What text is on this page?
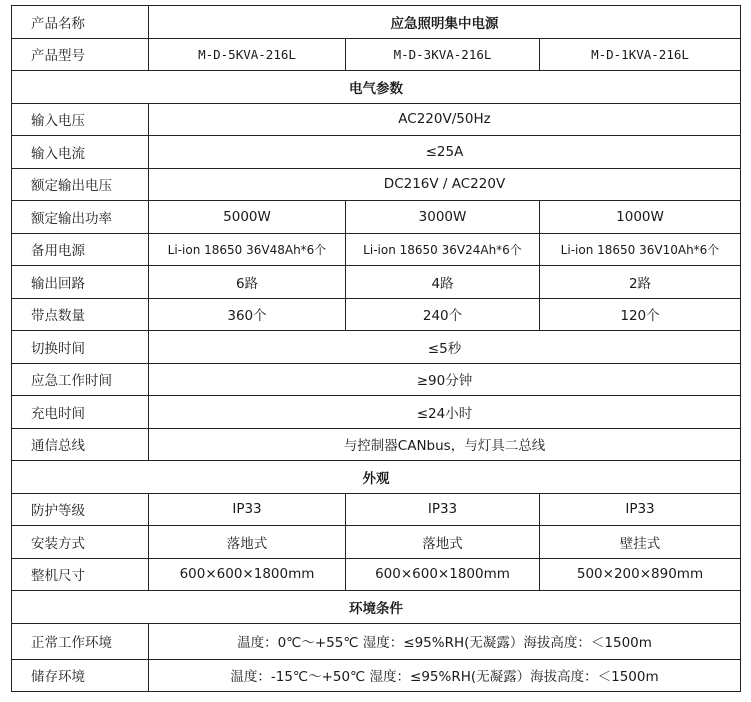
产品名称	应急照明集中电源		
产品型号	M-D-5KVA-216L	M-D-3KVA-216L	M-D-1KVA-216L
电气参数			
输入电压	AC220V/50Hz		
输入电流	≤25A		
额定输出电压	DC216V / AC220V		
额定输出功率	5000W	3000W	1000W
备用电源	Li-ion 18650 36V48Ah*6个	Li-ion 18650 36V24Ah*6个	Li-ion 18650 36V10Ah*6个
输出回路	6路	4路	2路
带点数量	360个	240个	120个
切换时间	≤5秒		
应急工作时间	≥90分钟		
充电时间	≤24小时		
通信总线	与控制器CANbus，与灯具二总线		
外观			
防护等级	IP33	IP33	IP33
安装方式	落地式	落地式	壁挂式
整机尺寸	600×600×1800mm	600×600×1800mm	500×200×890mm
环境条件			
正常工作环境	温度：0℃～+55℃ 湿度：≤95%RH(无凝露）海拔高度：＜1500m		
储存环境	温度：-15℃～+50℃ 湿度：≤95%RH(无凝露）海拔高度：＜1500m		
